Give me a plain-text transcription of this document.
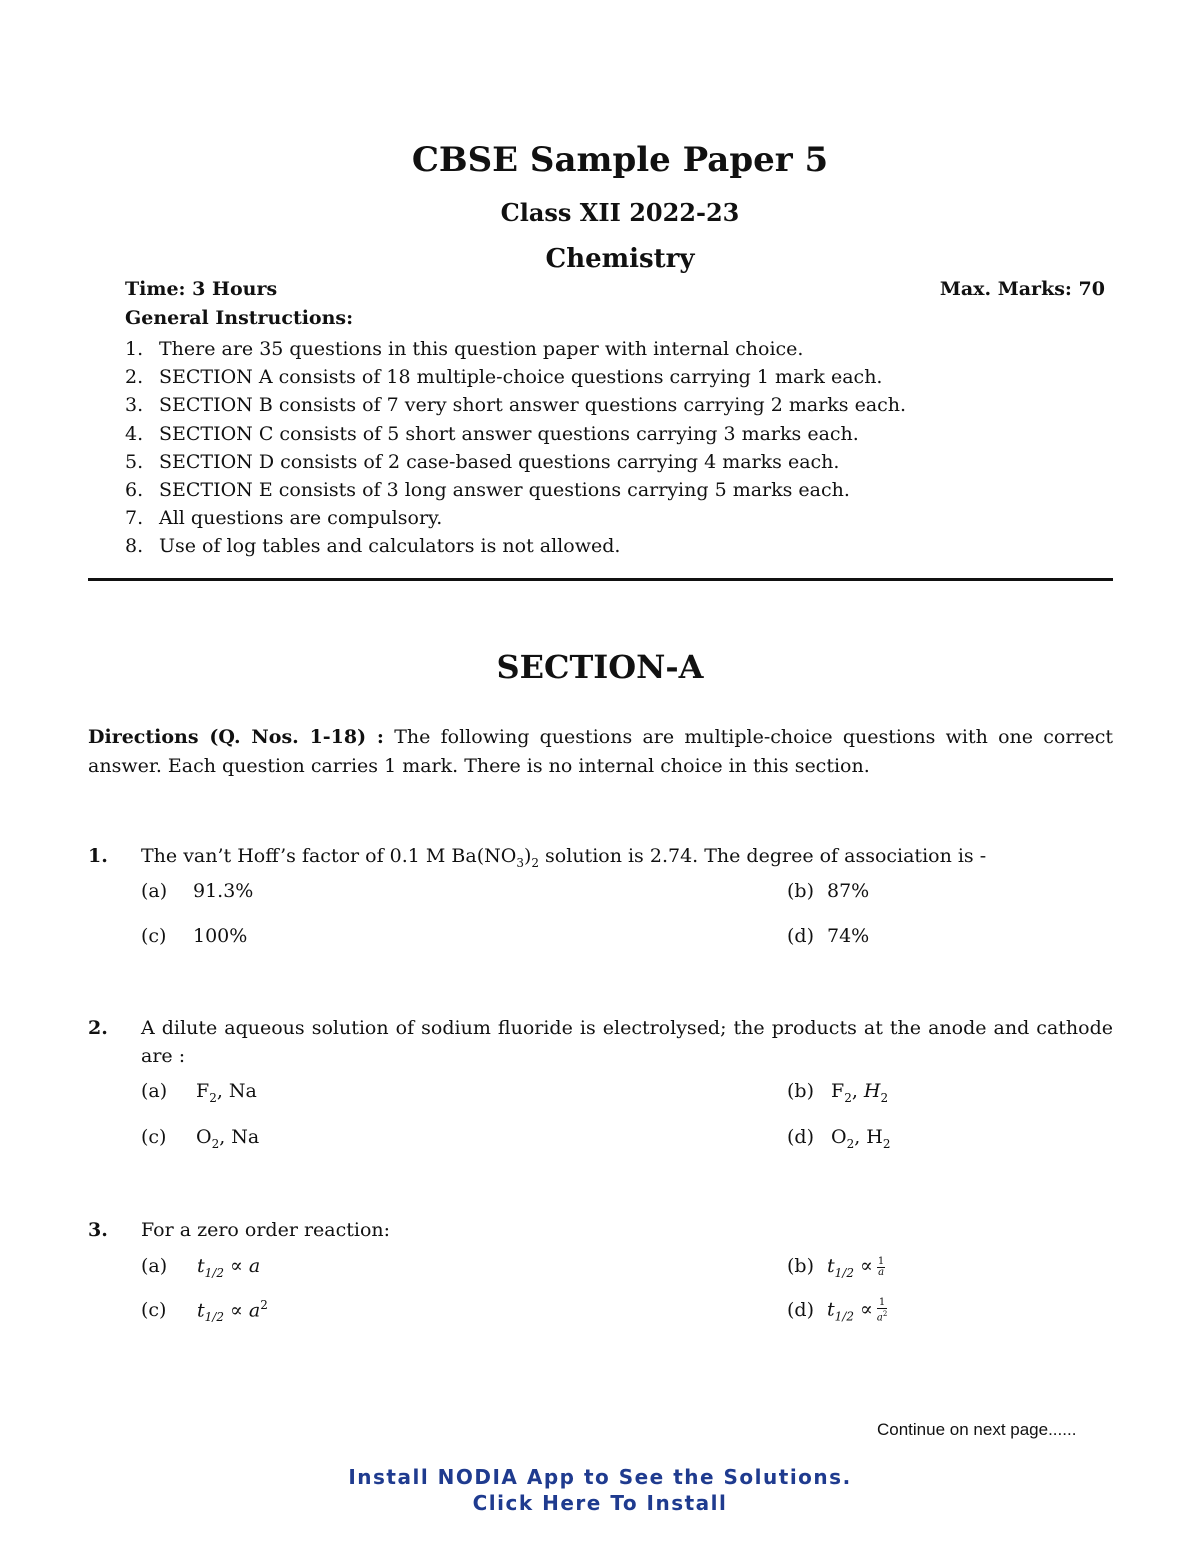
CBSE Sample Paper 5
Class XII 2022-23
Chemistry
Time: 3 Hours	Max. Marks: 70
General Instructions:
1. There are 35 questions in this question paper with internal choice.
2. SECTION A consists of 18 multiple-choice questions carrying 1 mark each.
3. SECTION B consists of 7 very short answer questions carrying 2 marks each.
4. SECTION C consists of 5 short answer questions carrying 3 marks each.
5. SECTION D consists of 2 case-based questions carrying 4 marks each.
6. SECTION E consists of 3 long answer questions carrying 5 marks each.
7. All questions are compulsory.
8. Use of log tables and calculators is not allowed.
SECTION-A
Directions (Q. Nos. 1-18) : The following questions are multiple-choice questions with one correct answer. Each question carries 1 mark. There is no internal choice in this section.
1. The van’t Hoff’s factor of 0.1 M $Ba(NO_3)_2$ solution is 2.74. The degree of association is -
(a) 91.3%	(b) 87%
(c) 100%	(d) 74%
2. A dilute aqueous solution of sodium fluoride is electrolysed; the products at the anode and cathode are :
(a) $F_2$, Na	(b) $F_2$, $H_2$
(c) $O_2$, Na	(d) $O_2$, $H_2$
3. For a zero order reaction:
(a) $t_{1/2} \propto a$	(b) $t_{1/2} \propto \frac{1}{a}$
(c) $t_{1/2} \propto a^2$	(d) $t_{1/2} \propto \frac{1}{a^2}$
Continue on next page......
Install NODIA App to See the Solutions.
Click Here To Install
